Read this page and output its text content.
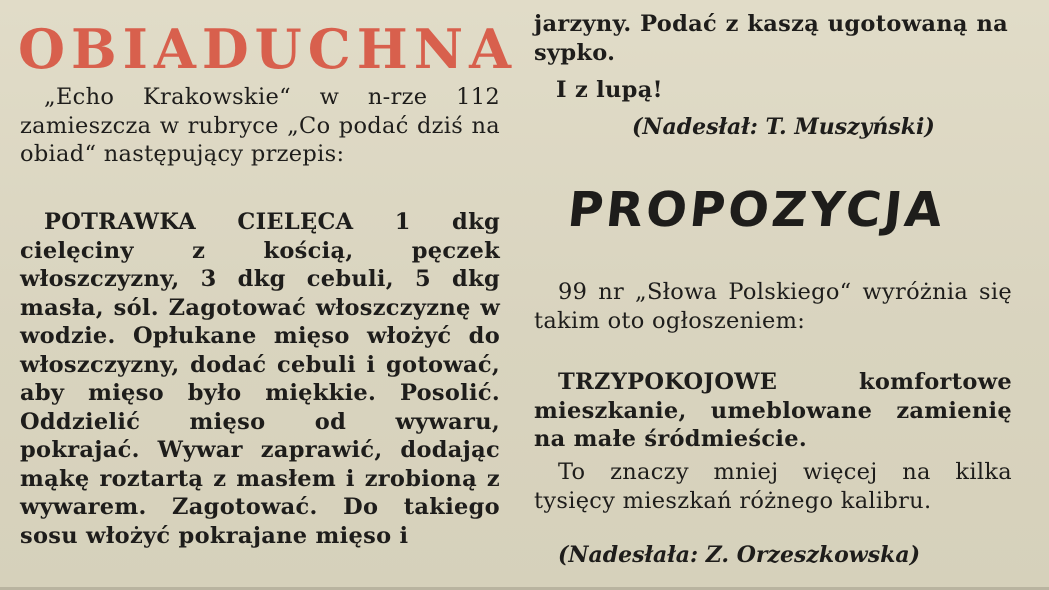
OBIADUCHNA

„Echo Krakowskie“ w n-rze 112 zamieszcza w rubryce „Co podać dziś na obiad“ następujący przepis:

POTRAWKA CIELĘCA 1 dkg cielęciny z kością, pęczek włoszczyzny, 3 dkg cebuli, 5 dkg masła, sól. Zagotować włoszczyznę w wodzie. Opłukane mięso włożyć do włoszczyzny, dodać cebuli i gotować, aby mięso było miękkie. Posolić. Oddzielić mięso od wywaru, pokrajać. Wywar zaprawić, dodając mąkę roztartą z masłem i zrobioną z wywarem. Zagotować. Do takiego sosu włożyć pokrajane mięso i

jarzyny. Podać z kaszą ugotowaną na sypko.

I z lupą!

(Nadesłał: T. Muszyński)

PROPOZYCJA

99 nr „Słowa Polskiego“ wyróżnia się takim oto ogłoszeniem:

TRZYPOKOJOWE	komfortowe mieszkanie, umeblowane zamienię na małe śródmieście.

To znaczy mniej więcej na kilka tysięcy mieszkań różnego kalibru.

(Nadesłała: Z. Orzeszkowska)
